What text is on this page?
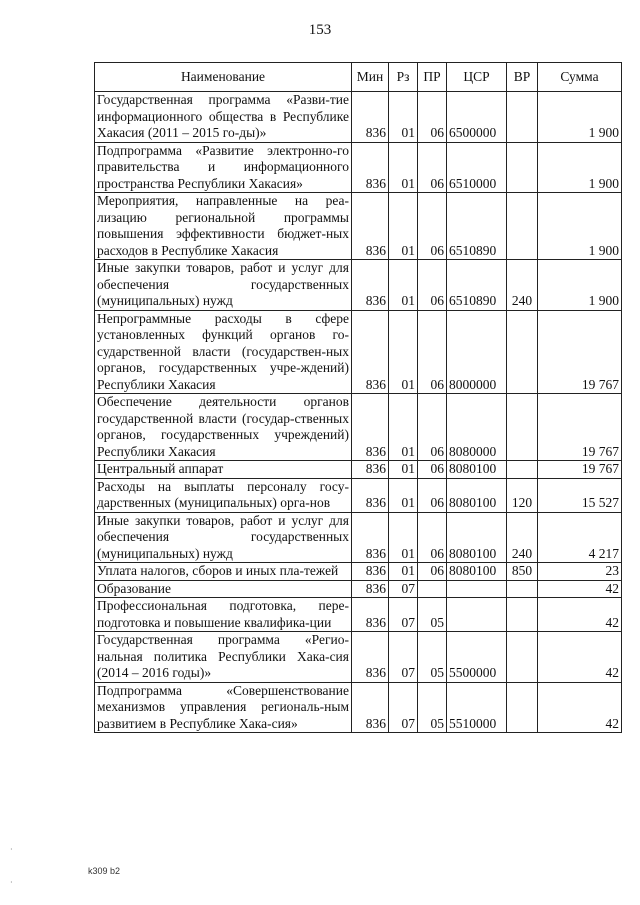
153
Наименование	Мин	Рз	ПР	ЦСР	ВР	Сумма
Государственная программа «Разви-тие информационного общества в Республике Хакасия (2011 – 2015 го-ды)»	836	01	06	6500000		1 900
Подпрограмма «Развитие электронно-го правительства и информационного пространства Республики Хакасия»	836	01	06	6510000		1 900
Мероприятия, направленные на реа-лизацию региональной программы повышения эффективности бюджет-ных расходов в Республике Хакасия	836	01	06	6510890		1 900
Иные закупки товаров, работ и услуг для обеспечения государственных (муниципальных) нужд	836	01	06	6510890	240	1 900
Непрограммные расходы в сфере установленных функций органов го-сударственной власти (государствен-ных органов, государственных учре-ждений) Республики Хакасия	836	01	06	8000000		19 767
Обеспечение деятельности органов государственной власти (государ-ственных органов, государственных учреждений) Республики Хакасия	836	01	06	8080000		19 767
Центральный аппарат	836	01	06	8080100		19 767
Расходы на выплаты персоналу госу-дарственных (муниципальных) орга-нов	836	01	06	8080100	120	15 527
Иные закупки товаров, работ и услуг для обеспечения государственных (муниципальных) нужд	836	01	06	8080100	240	4 217
Уплата налогов, сборов и иных пла-тежей	836	01	06	8080100	850	23
Образование	836	07				42
Профессиональная подготовка, пере-подготовка и повышение квалифика-ции	836	07	05			42
Государственная программа «Регио-нальная политика Республики Хака-сия (2014 – 2016 годы)»	836	07	05	5500000		42
Подпрограмма «Совершенствование механизмов управления региональ-ным развитием в Республике Хака-сия»	836	07	05	5510000		42
k309 b2
·
·
